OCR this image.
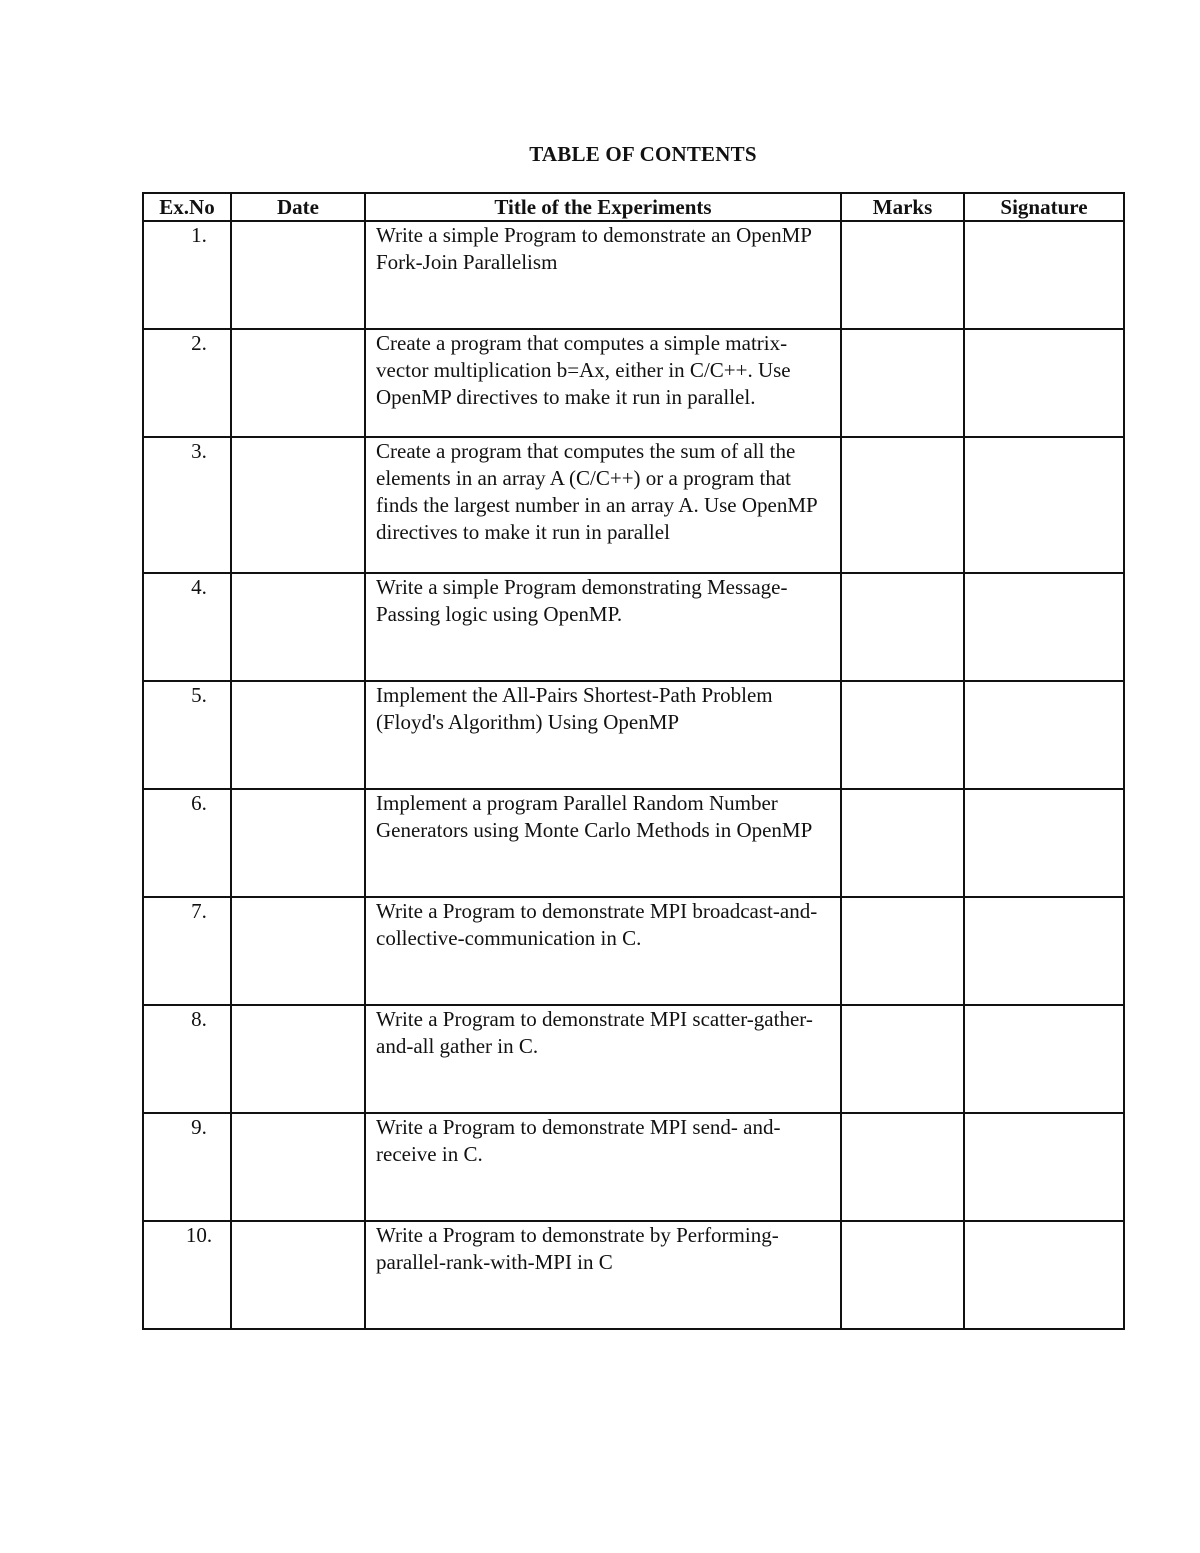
TABLE OF CONTENTS
Ex.No	Date	Title of the Experiments	Marks	Signature
1.		Write a simple Program to demonstrate an OpenMP Fork-Join Parallelism		
2.		Create a program that computes a simple matrix-vector multiplication b=Ax, either in C/C++. Use OpenMP directives to make it run in parallel.		
3.		Create a program that computes the sum of all the elements in an array A (C/C++) or a program that finds the largest number in an array A. Use OpenMP directives to make it run in parallel		
4.		Write a simple Program demonstrating Message-Passing logic using OpenMP.		
5.		Implement the All-Pairs Shortest-Path Problem (Floyd's Algorithm) Using OpenMP		
6.		Implement a program Parallel Random Number Generators using Monte Carlo Methods in OpenMP		
7.		Write a Program to demonstrate MPI broadcast-and-collective-communication in C.		
8.		Write a Program to demonstrate MPI scatter-gather-and-all gather in C.		
9.		Write a Program to demonstrate MPI send- and-receive in C.		
10.		Write a Program to demonstrate by Performing-parallel-rank-with-MPI in C		
